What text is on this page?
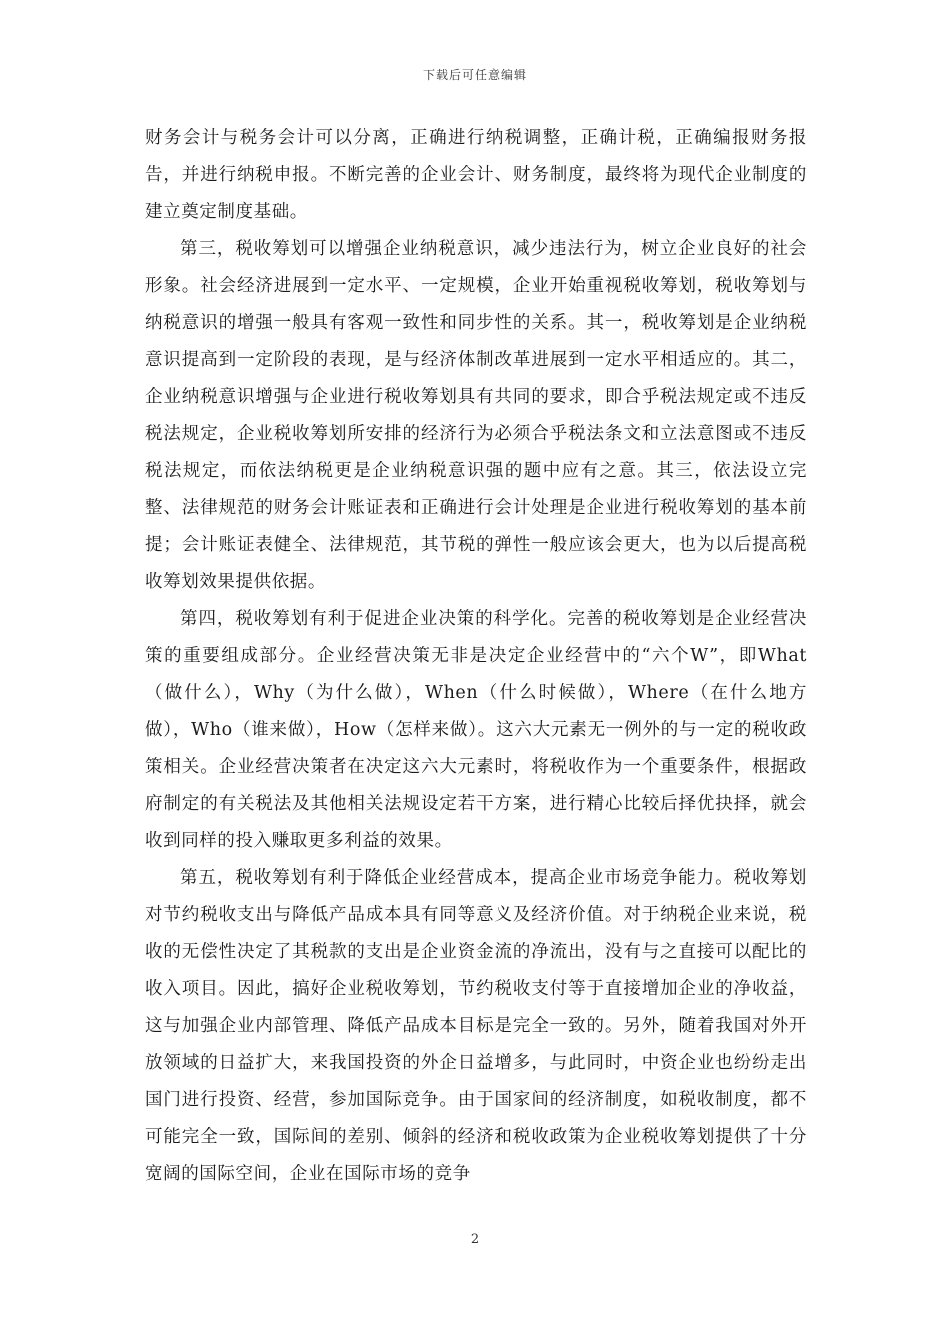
下载后可任意编辑

财务会计与税务会计可以分离，正确进行纳税调整，正确计税，正确编报财务报告，并进行纳税申报。不断完善的企业会计、财务制度，最终将为现代企业制度的建立奠定制度基础。

第三，税收筹划可以增强企业纳税意识，减少违法行为，树立企业良好的社会形象。社会经济进展到一定水平、一定规模，企业开始重视税收筹划，税收筹划与纳税意识的增强一般具有客观一致性和同步性的关系。其一，税收筹划是企业纳税意识提高到一定阶段的表现，是与经济体制改革进展到一定水平相适应的。其二，企业纳税意识增强与企业进行税收筹划具有共同的要求，即合乎税法规定或不违反税法规定，企业税收筹划所安排的经济行为必须合乎税法条文和立法意图或不违反税法规定，而依法纳税更是企业纳税意识强的题中应有之意。其三，依法设立完整、法律规范的财务会计账证表和正确进行会计处理是企业进行税收筹划的基本前提；会计账证表健全、法律规范，其节税的弹性一般应该会更大，也为以后提高税收筹划效果提供依据。

第四，税收筹划有利于促进企业决策的科学化。完善的税收筹划是企业经营决策的重要组成部分。企业经营决策无非是决定企业经营中的“六个W”，即What（做什么），Why（为什么做），When（什么时候做），Where（在什么地方做），Who（谁来做），How（怎样来做）。这六大元素无一例外的与一定的税收政策相关。企业经营决策者在决定这六大元素时，将税收作为一个重要条件，根据政府制定的有关税法及其他相关法规设定若干方案，进行精心比较后择优抉择，就会收到同样的投入赚取更多利益的效果。

第五，税收筹划有利于降低企业经营成本，提高企业市场竞争能力。税收筹划对节约税收支出与降低产品成本具有同等意义及经济价值。对于纳税企业来说，税收的无偿性决定了其税款的支出是企业资金流的净流出，没有与之直接可以配比的收入项目。因此，搞好企业税收筹划，节约税收支付等于直接增加企业的净收益，这与加强企业内部管理、降低产品成本目标是完全一致的。另外，随着我国对外开放领域的日益扩大，来我国投资的外企日益增多，与此同时，中资企业也纷纷走出国门进行投资、经营，参加国际竞争。由于国家间的经济制度，如税收制度，都不可能完全一致，国际间的差别、倾斜的经济和税收政策为企业税收筹划提供了十分宽阔的国际空间，企业在国际市场的竞争

2
